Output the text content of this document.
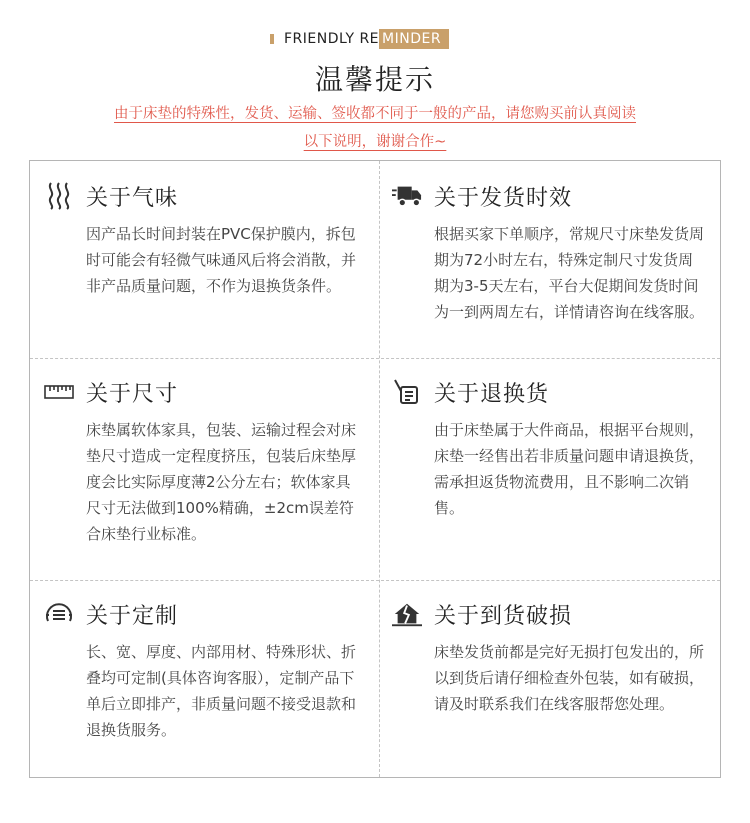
FRIENDLY RE MINDER
温馨提示
由于床垫的特殊性，发货、运输、签收都不同于一般的产品，请您购买前认真阅读
以下说明，谢谢合作~
关于气味
因产品长时间封装在PVC保护膜内，拆包时可能会有轻微气味通风后将会消散，并非产品质量问题，不作为退换货条件。
关于发货时效
根据买家下单顺序，常规尺寸床垫发货周期为72小时左右，特殊定制尺寸发货周期为3-5天左右，平台大促期间发货时间为一到两周左右，详情请咨询在线客服。
关于尺寸
床垫属软体家具，包装、运输过程会对床垫尺寸造成一定程度挤压，包装后床垫厚度会比实际厚度薄2公分左右；软体家具尺寸无法做到100%精确，±2cm误差符合床垫行业标准。
关于退换货
由于床垫属于大件商品，根据平台规则，床垫一经售出若非质量问题申请退换货，需承担返货物流费用，且不影响二次销售。
关于定制
长、宽、厚度、内部用材、特殊形状、折叠均可定制(具体咨询客服），定制产品下单后立即排产，非质量问题不接受退款和退换货服务。
关于到货破损
床垫发货前都是完好无损打包发出的，所以到货后请仔细检查外包装，如有破损，请及时联系我们在线客服帮您处理。
